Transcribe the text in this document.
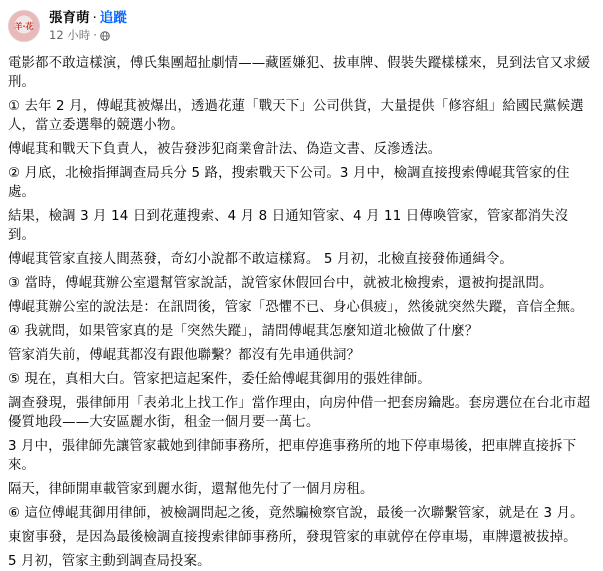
羊·花
張育萌 · 追蹤
12 小時 ·

電影都不敢這樣演，傅氏集團超扯劇情——藏匿嫌犯、拔車牌、假裝失蹤樣樣來，見到法官又求緩刑。

① 去年 2 月，傅崐萁被爆出，透過花蓮「戰天下」公司供貨，大量提供「修容組」給國民黨候選人，當立委選舉的競選小物。

傅崐萁和戰天下負責人，被告發涉犯商業會計法、偽造文書、反滲透法。

② 月底，北檢指揮調查局兵分 5 路，搜索戰天下公司。3 月中，檢調直接搜索傅崐萁管家的住處。

結果，檢調 3 月 14 日到花蓮搜索、4 月 8 日通知管家、4 月 11 日傳喚管家，管家都消失沒到。

傅崐萁管家直接人間蒸發，奇幻小說都不敢這樣寫。 5 月初，北檢直接發佈通緝令。

③ 當時，傅崐萁辦公室還幫管家說話，說管家休假回台中，就被北檢搜索，還被拘提訊問。

傅崐萁辦公室的說法是：在訊問後，管家「恐懼不已、身心俱疲」，然後就突然失蹤，音信全無。

④ 我就問，如果管家真的是「突然失蹤」，請問傅崐萁怎麼知道北檢做了什麼？

管家消失前，傅崐萁都沒有跟他聯繫？都沒有先串通供詞？

⑤ 現在，真相大白。管家把這起案件，委任給傅崐萁御用的張姓律師。

調查發現，張律師用「表弟北上找工作」當作理由，向房仲借一把套房鑰匙。套房選位在台北市超優質地段——大安區麗水街，租金一個月要一萬七。

3 月中，張律師先讓管家載她到律師事務所，把車停進事務所的地下停車場後，把車牌直接拆下來。

隔天，律師開車載管家到麗水街，還幫他先付了一個月房租。

⑥ 這位傅崐萁御用律師，被檢調問起之後，竟然騙檢察官說，最後一次聯繫管家，就是在 3 月。

東窗事發，是因為最後檢調直接搜索律師事務所，發現管家的車就停在停車場，車牌還被拔掉。

5 月初，管家主動到調查局投案。
